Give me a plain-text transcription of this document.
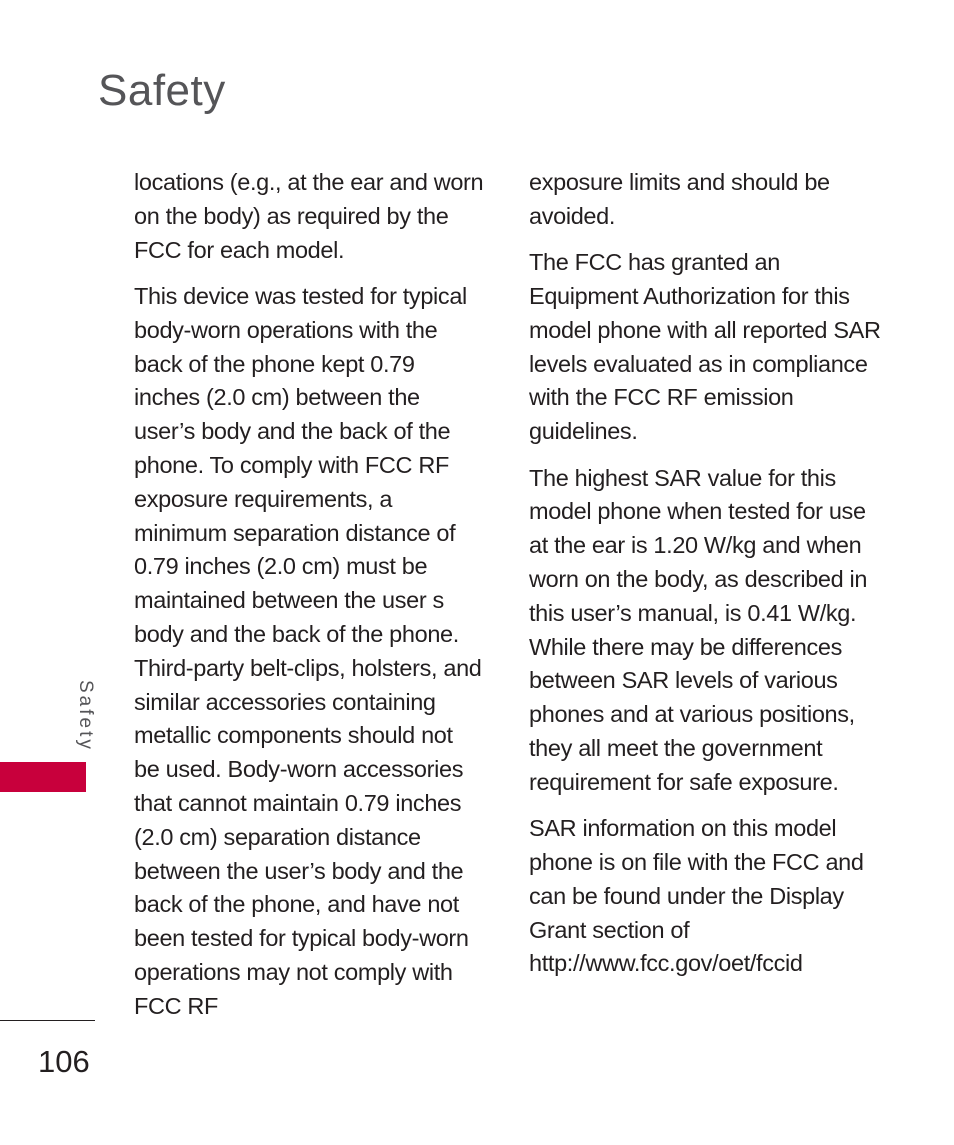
Safety

locations (e.g., at the ear and worn on the body) as required by the FCC for each model.

This device was tested for typical body-worn operations with the back of the phone kept 0.79 inches (2.0 cm) between the user’s body and the back of the phone. To comply with FCC RF exposure requirements, a minimum separation distance of 0.79 inches (2.0 cm) must be maintained between the user s body and the back of the phone. Third-party belt-clips, holsters, and similar accessories containing metallic components should not be used. Body-worn accessories that cannot maintain 0.79 inches (2.0 cm) separation distance between the user’s body and the back of the phone, and have not been tested for typical body-worn operations may not comply with FCC RF

exposure limits and should be avoided.

The FCC has granted an Equipment Authorization for this model phone with all reported SAR levels evaluated as in compliance with the FCC RF emission guidelines.

The highest SAR value for this model phone when tested for use at the ear is 1.20 W/kg and when worn on the body, as described in this user’s manual, is 0.41 W/kg. While there may be differences between SAR levels of various phones and at various positions, they all meet the government requirement for safe exposure.

SAR information on this model phone is on file with the FCC and can be found under the Display Grant section of http://www.fcc.gov/oet/fccid

Safety
106
